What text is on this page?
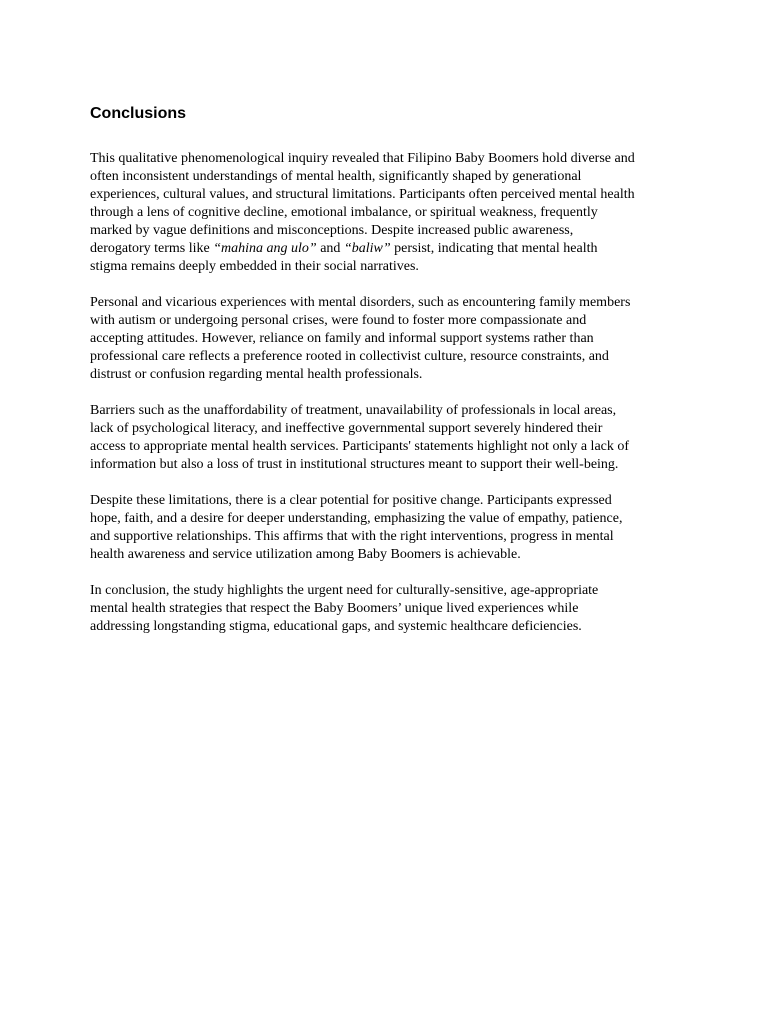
Conclusions

This qualitative phenomenological inquiry revealed that Filipino Baby Boomers hold diverse and
often inconsistent understandings of mental health, significantly shaped by generational
experiences, cultural values, and structural limitations. Participants often perceived mental health
through a lens of cognitive decline, emotional imbalance, or spiritual weakness, frequently
marked by vague definitions and misconceptions. Despite increased public awareness,
derogatory terms like “mahina ang ulo” and “baliw” persist, indicating that mental health
stigma remains deeply embedded in their social narratives.

Personal and vicarious experiences with mental disorders, such as encountering family members
with autism or undergoing personal crises, were found to foster more compassionate and
accepting attitudes. However, reliance on family and informal support systems rather than
professional care reflects a preference rooted in collectivist culture, resource constraints, and
distrust or confusion regarding mental health professionals.

Barriers such as the unaffordability of treatment, unavailability of professionals in local areas,
lack of psychological literacy, and ineffective governmental support severely hindered their
access to appropriate mental health services. Participants' statements highlight not only a lack of
information but also a loss of trust in institutional structures meant to support their well-being.

Despite these limitations, there is a clear potential for positive change. Participants expressed
hope, faith, and a desire for deeper understanding, emphasizing the value of empathy, patience,
and supportive relationships. This affirms that with the right interventions, progress in mental
health awareness and service utilization among Baby Boomers is achievable.

In conclusion, the study highlights the urgent need for culturally-sensitive, age-appropriate
mental health strategies that respect the Baby Boomers’ unique lived experiences while
addressing longstanding stigma, educational gaps, and systemic healthcare deficiencies.
